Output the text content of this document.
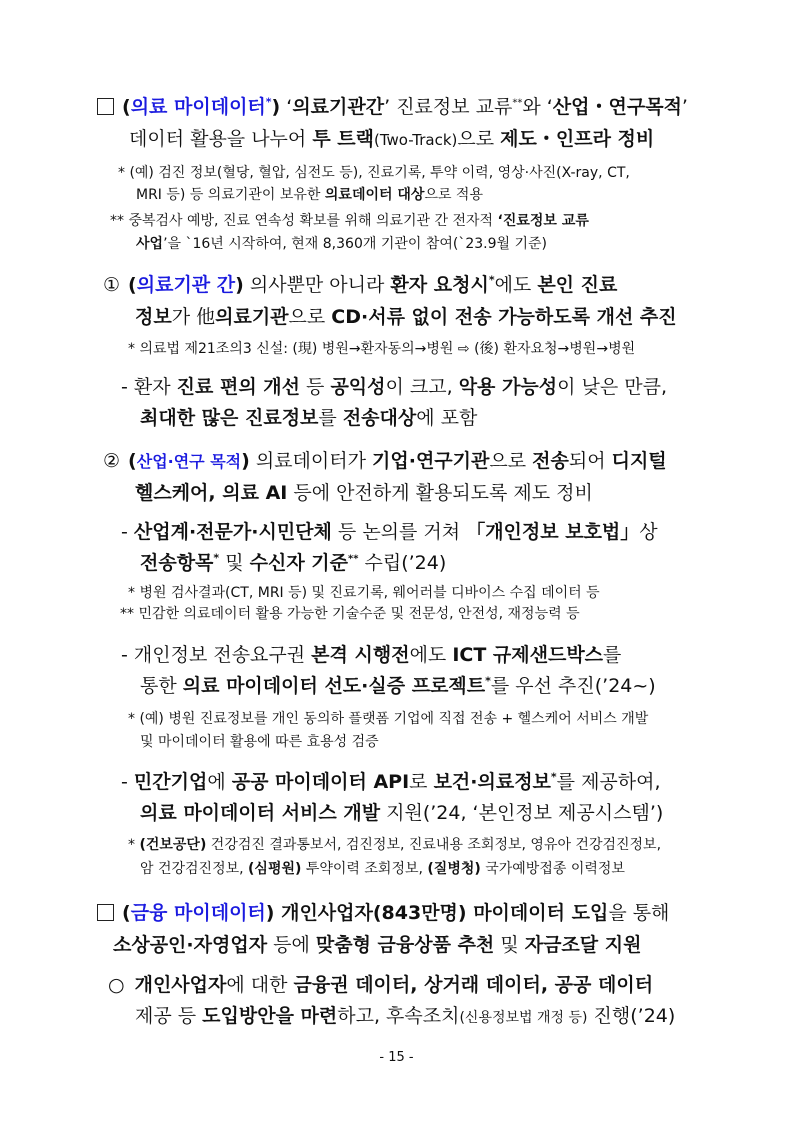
(의료 마이데이터*) ‘의료기관간’ 진료정보 교류**와 ‘산업・연구목적’
데이터 활용을 나누어 투 트랙(Two-Track)으로 제도・인프라 정비
* (예) 검진 정보(혈당, 혈압, 심전도 등), 진료기록, 투약 이력, 영상·사진(X-ray, CT,
MRI 등) 등 의료기관이 보유한 의료데이터 대상으로 적용
** 중복검사 예방, 진료 연속성 확보를 위해 의료기관 간 전자적 ‘진료정보 교류
사업’을 `16년 시작하여, 현재 8,360개 기관이 참여(`23.9월 기준)
① (의료기관 간) 의사뿐만 아니라 환자 요청시*에도 본인 진료
정보가 他의료기관으로 CD·서류 없이 전송 가능하도록 개선 추진
* 의료법 제21조의3 신설: (現) 병원→환자동의→병원 ⇨ (後) 환자요청→병원→병원
- 환자 진료 편의 개선 등 공익성이 크고, 악용 가능성이 낮은 만큼,
최대한 많은 진료정보를 전송대상에 포함
② (산업·연구 목적) 의료데이터가 기업·연구기관으로 전송되어 디지털
헬스케어, 의료 AI 등에 안전하게 활용되도록 제도 정비
- 산업계·전문가·시민단체 등 논의를 거쳐 「개인정보 보호법」상
전송항목* 및 수신자 기준** 수립(’24)
* 병원 검사결과(CT, MRI 등) 및 진료기록, 웨어러블 디바이스 수집 데이터 등
** 민감한 의료데이터 활용 가능한 기술수준 및 전문성, 안전성, 재정능력 등
- 개인정보 전송요구권 본격 시행전에도 ICT 규제샌드박스를
통한 의료 마이데이터 선도·실증 프로젝트*를 우선 추진(’24~)
* (예) 병원 진료정보를 개인 동의하 플랫폼 기업에 직접 전송 + 헬스케어 서비스 개발
및 마이데이터 활용에 따른 효용성 검증
- 민간기업에 공공 마이데이터 API로 보건·의료정보*를 제공하여,
의료 마이데이터 서비스 개발 지원(’24, ‘본인정보 제공시스템’)
* (건보공단) 건강검진 결과통보서, 검진정보, 진료내용 조회정보, 영유아 건강검진정보,
암 건강검진정보, (심평원) 투약이력 조회정보, (질병청) 국가예방접종 이력정보
(금융 마이데이터) 개인사업자(843만명) 마이데이터 도입을 통해
소상공인·자영업자 등에 맞춤형 금융상품 추천 및 자금조달 지원
○ 개인사업자에 대한 금융권 데이터, 상거래 데이터, 공공 데이터
제공 등 도입방안을 마련하고, 후속조치(신용정보법 개정 등) 진행(’24)
- 15 -
